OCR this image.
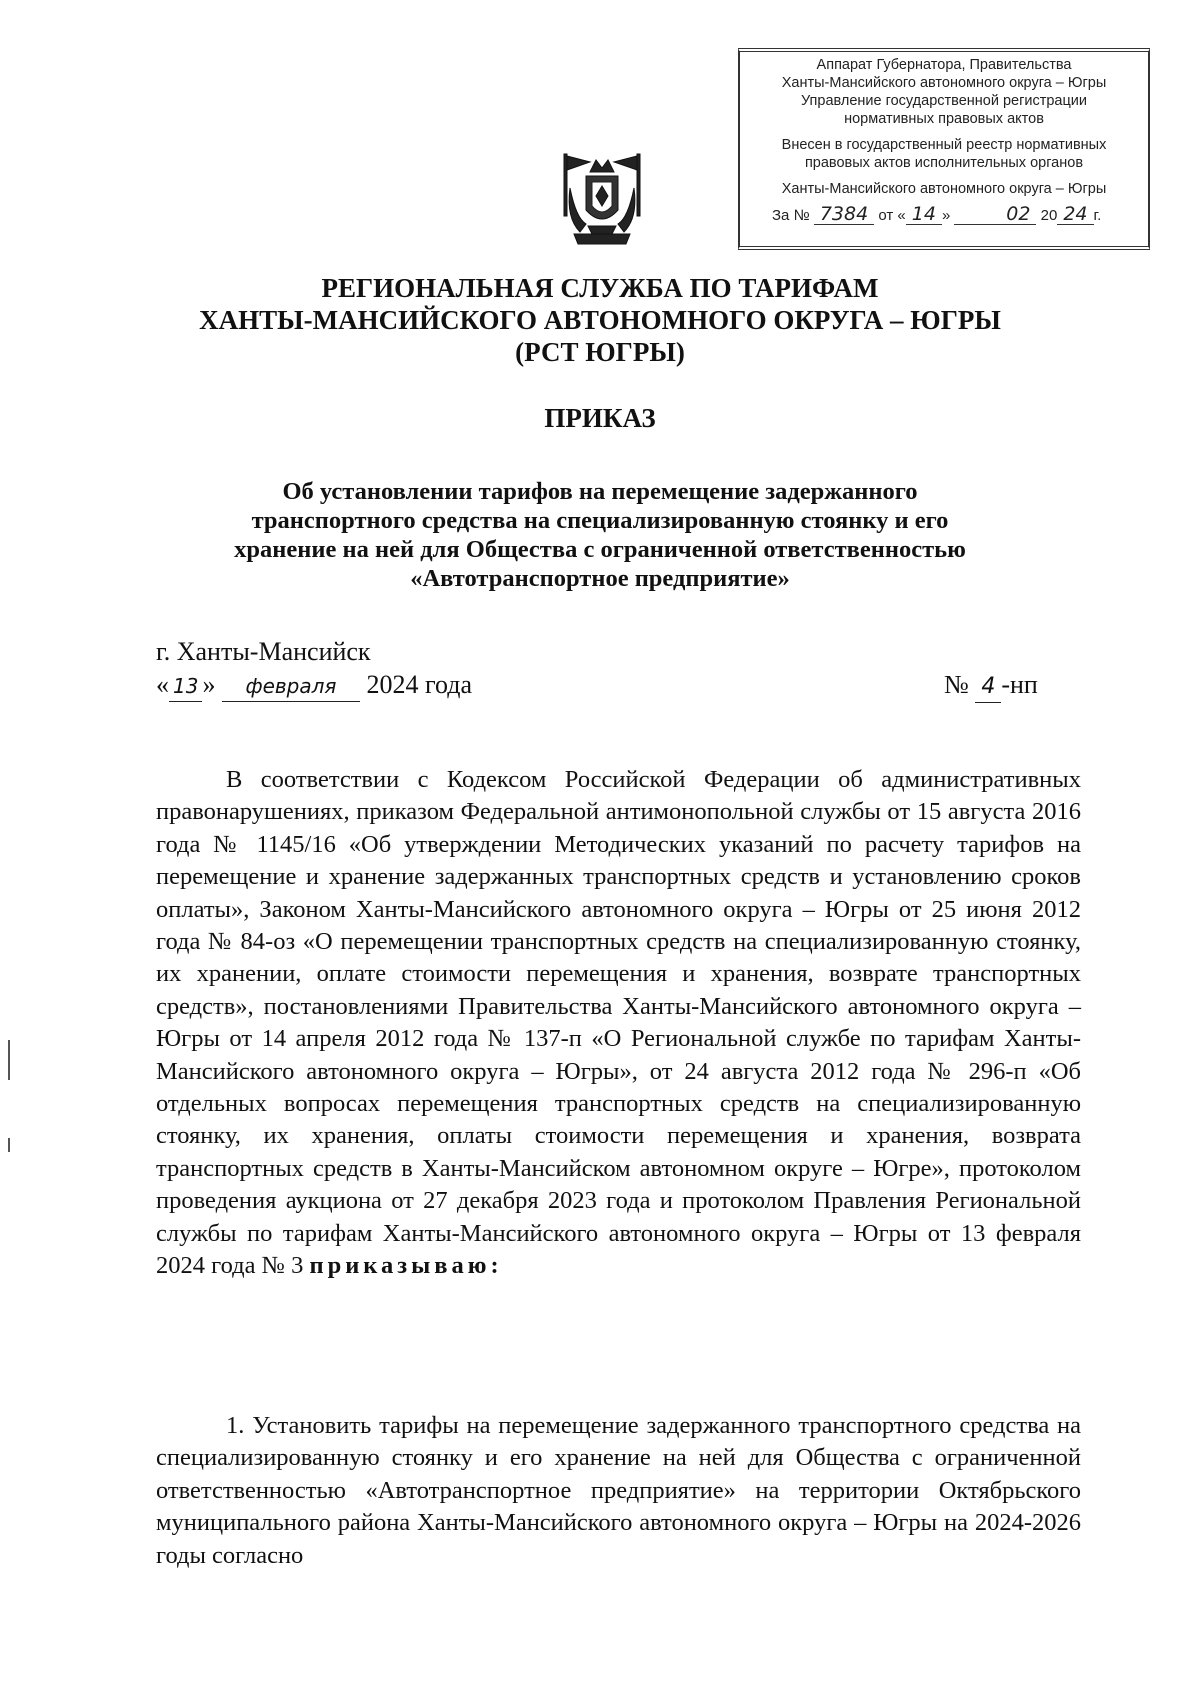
Аппарат Губернатора, Правительства
Ханты-Мансийского автономного округа – Югры
Управление государственной регистрации
нормативных правовых актов
Внесен в государственный реестр нормативных
правовых актов исполнительных органов
Ханты-Мансийского автономного округа – Югры
За № 7384 от « 14 »	02 20 24 г.
РЕГИОНАЛЬНАЯ СЛУЖБА ПО ТАРИФАМ
ХАНТЫ-МАНСИЙСКОГО АВТОНОМНОГО ОКРУГА – ЮГРЫ
(РСТ ЮГРЫ)
ПРИКАЗ
Об установлении тарифов на перемещение задержанного
транспортного средства на специализированную стоянку и его
хранение на ней для Общества с ограниченной ответственностью
«Автотранспортное предприятие»
г. Ханты-Мансийск
« 13 » февраля 2024 года	№ 4 -нп
В соответствии с Кодексом Российской Федерации об административных правонарушениях, приказом Федеральной антимонопольной службы от 15 августа 2016 года № 1145/16 «Об утверждении Методических указаний по расчету тарифов на перемещение и хранение задержанных транспортных средств и установлению сроков оплаты», Законом Ханты-Мансийского автономного округа – Югры от 25 июня 2012 года № 84-оз «О перемещении транспортных средств на специализированную стоянку, их хранении, оплате стоимости перемещения и хранения, возврате транспортных средств», постановлениями Правительства Ханты-Мансийского автономного округа – Югры от 14 апреля 2012 года № 137-п «О Региональной службе по тарифам Ханты-Мансийского автономного округа – Югры», от 24 августа 2012 года № 296-п «Об отдельных вопросах перемещения транспортных средств на специализированную стоянку, их хранения, оплаты стоимости перемещения и хранения, возврата транспортных средств в Ханты-Мансийском автономном округе – Югре», протоколом проведения аукциона от 27 декабря 2023 года и протоколом Правления Региональной службы по тарифам Ханты-Мансийского автономного округа – Югры от 13 февраля 2024 года № 3 приказываю:
1. Установить тарифы на перемещение задержанного транспортного средства на специализированную стоянку и его хранение на ней для Общества с ограниченной ответственностью «Автотранспортное предприятие» на территории Октябрьского муниципального района Ханты-Мансийского автономного округа – Югры на 2024-2026 годы согласно
